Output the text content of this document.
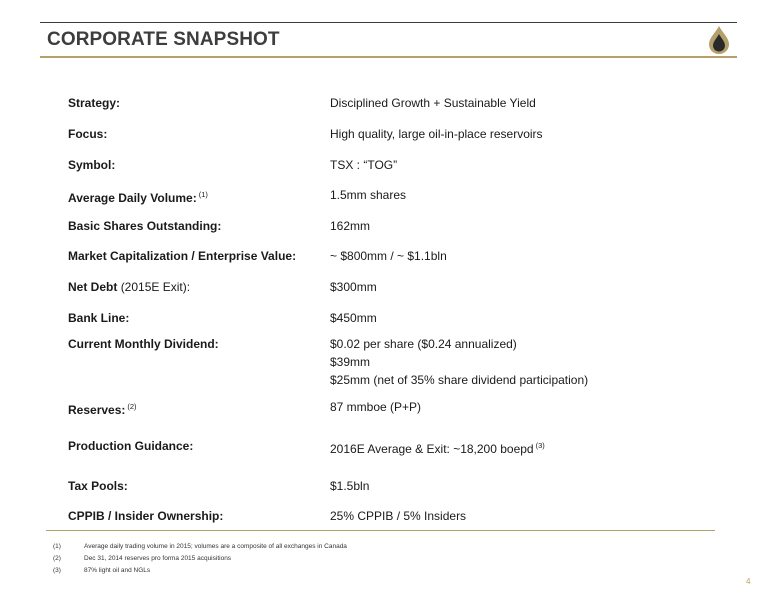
CORPORATE SNAPSHOT
Strategy:	Disciplined Growth + Sustainable Yield
Focus:	High quality, large oil-in-place reservoirs
Symbol:	TSX : “TOG”
Average Daily Volume: $^{(1)}$	1.5mm shares
Basic Shares Outstanding:	162mm
Market Capitalization / Enterprise Value:	~ $800mm / ~ $1.1bln
Net Debt (2015E Exit):	$300mm
Bank Line:	$450mm
Current Monthly Dividend:	$0.02 per share ($0.24 annualized)
$39mm
$25mm (net of 35% share dividend participation)
Reserves: $^{(2)}$	87 mmboe (P+P)
Production Guidance:	2016E Average & Exit: ~18,200 boepd $^{(3)}$
Tax Pools:	$1.5bln
CPPIB / Insider Ownership:	25% CPPIB / 5% Insiders
(1)	Average daily trading volume in 2015; volumes are a composite of all exchanges in Canada
(2)	Dec 31, 2014 reserves pro forma 2015 acquisitions
(3)	87% light oil and NGLs
4
